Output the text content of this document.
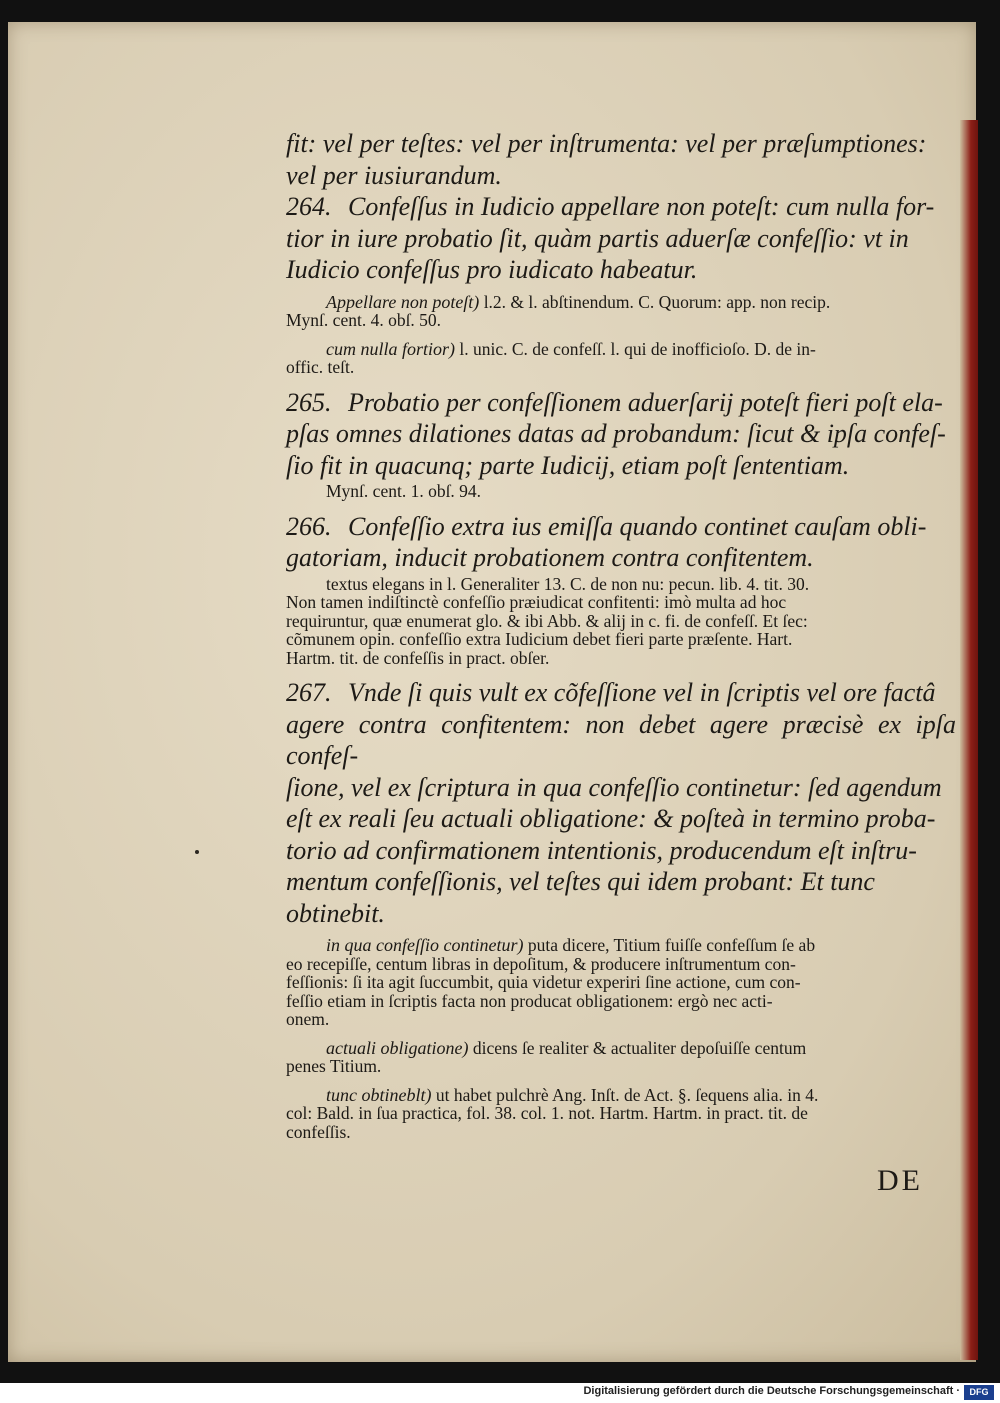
fit: vel per teſtes: vel per inſtrumenta: vel per præſumptiones:
vel per iusiurandum.

264. Confeſſus in Iudicio appellare non poteſt: cum nulla for-
tior in iure probatio ſit, quàm partis aduerſæ confeſſio: vt in
Iudicio confeſſus pro iudicato habeatur.

Appellare non poteſt) l.2. & l. abſtinendum. C. Quorum: app. non recip.
Mynſ. cent. 4. obſ. 50.

cum nulla fortior) l. unic. C. de confeſſ. l. qui de inofficioſo. D. de in-
offic. teſt.

265. Probatio per confeſſionem aduerſarij poteſt fieri poſt ela-
pſas omnes dilationes datas ad probandum: ſicut & ipſa confeſ-
ſio fit in quacunq; parte Iudicij, etiam poſt ſententiam.

Mynſ. cent. 1. obſ. 94.

266. Confeſſio extra ius emiſſa quando continet cauſam obli-
gatoriam, inducit probationem contra confitentem.

textus elegans in l. Generaliter 13. C. de non nu: pecun. lib. 4. tit. 30.
Non tamen indiſtinctè confeſſio præiudicat confitenti: imò multa ad hoc
requiruntur, quæ enumerat glo. & ibi Abb. & alij in c. fi. de confeſſ. Et ſec:
cõmunem opin. confeſſio extra Iudicium debet fieri parte præſente. Hart.
Hartm. tit. de confeſſis in pract. obſer.

267. Vnde ſi quis vult ex cõfeſſione vel in ſcriptis vel ore factâ
agere contra confitentem: non debet agere præcisè ex ipſa confeſ-
ſione, vel ex ſcriptura in qua confeſſio continetur: ſed agendum
eſt ex reali ſeu actuali obligatione: & poſteà in termino proba-
torio ad confirmationem intentionis, producendum eſt inſtru-
mentum confeſſionis, vel teſtes qui idem probant: Et tunc
obtinebit.

in qua confeſſio continetur) puta dicere, Titium fuiſſe confeſſum ſe ab
eo recepiſſe, centum libras in depoſitum, & producere inſtrumentum con-
feſſionis: ſi ita agit ſuccumbit, quia videtur experiri ſine actione, cum con-
feſſio etiam in ſcriptis facta non producat obligationem: ergò nec acti-
onem.

actuali obligatione) dicens ſe realiter & actualiter depoſuiſſe centum
penes Titium.

tunc obtineblt) ut habet pulchrè Ang. Inſt. de Act. §. ſequens alia. in 4.
col: Bald. in ſua practica, fol. 38. col. 1. not. Hartm. Hartm. in pract. tit. de
confeſſis.

DE
Digitalisierung gefördert durch die Deutsche Forschungsgemeinschaft ·	DFG
